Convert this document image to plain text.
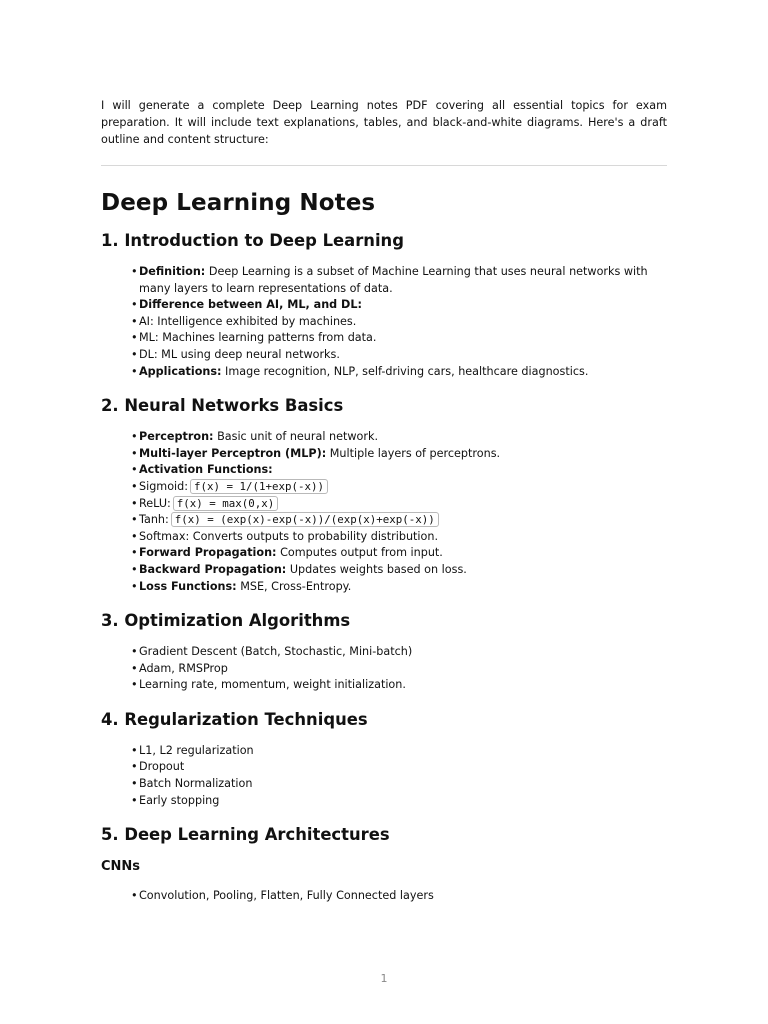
I will generate a complete Deep Learning notes PDF covering all essential topics for exam preparation. It will include text explanations, tables, and black-and-white diagrams. Here's a draft outline and content structure:

Deep Learning Notes
1. Introduction to Deep Learning
• Definition: Deep Learning is a subset of Machine Learning that uses neural networks with many layers to learn representations of data.
• Difference between AI, ML, and DL:
• AI: Intelligence exhibited by machines.
• ML: Machines learning patterns from data.
• DL: ML using deep neural networks.
• Applications: Image recognition, NLP, self-driving cars, healthcare diagnostics.
2. Neural Networks Basics
• Perceptron: Basic unit of neural network.
• Multi-layer Perceptron (MLP): Multiple layers of perceptrons.
• Activation Functions:
• Sigmoid: f(x) = 1/(1+exp(-x))
• ReLU: f(x) = max(0,x)
• Tanh: f(x) = (exp(x)-exp(-x))/(exp(x)+exp(-x))
• Softmax: Converts outputs to probability distribution.
• Forward Propagation: Computes output from input.
• Backward Propagation: Updates weights based on loss.
• Loss Functions: MSE, Cross-Entropy.
3. Optimization Algorithms
• Gradient Descent (Batch, Stochastic, Mini-batch)
• Adam, RMSProp
• Learning rate, momentum, weight initialization.
4. Regularization Techniques
• L1, L2 regularization
• Dropout
• Batch Normalization
• Early stopping
5. Deep Learning Architectures
CNNs
• Convolution, Pooling, Flatten, Fully Connected layers
1
